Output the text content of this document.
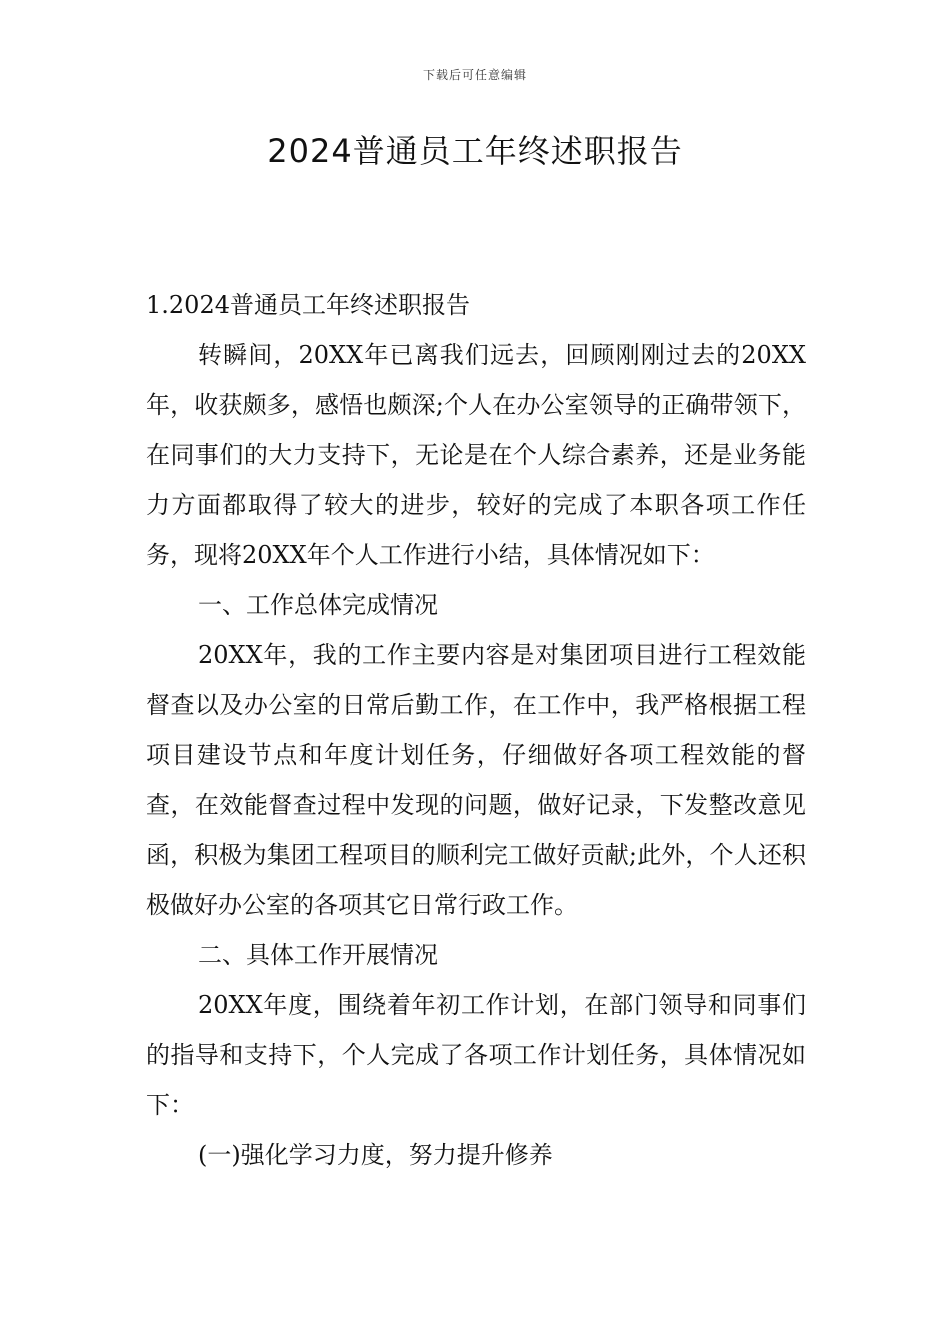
下载后可任意编辑
2024普通员工年终述职报告

1.2024普通员工年终述职报告

转瞬间，20XX年已离我们远去，回顾刚刚过去的20XX年，收获颇多，感悟也颇深;个人在办公室领导的正确带领下，在同事们的大力支持下，无论是在个人综合素养，还是业务能力方面都取得了较大的进步，较好的完成了本职各项工作任务，现将20XX年个人工作进行小结，具体情况如下：

一、工作总体完成情况

20XX年，我的工作主要内容是对集团项目进行工程效能督查以及办公室的日常后勤工作，在工作中，我严格根据工程项目建设节点和年度计划任务，仔细做好各项工程效能的督查，在效能督查过程中发现的问题，做好记录，下发整改意见函，积极为集团工程项目的顺利完工做好贡献;此外，个人还积极做好办公室的各项其它日常行政工作。

二、具体工作开展情况

20XX年度，围绕着年初工作计划，在部门领导和同事们的指导和支持下，个人完成了各项工作计划任务，具体情况如下：

(一)强化学习力度，努力提升修养
